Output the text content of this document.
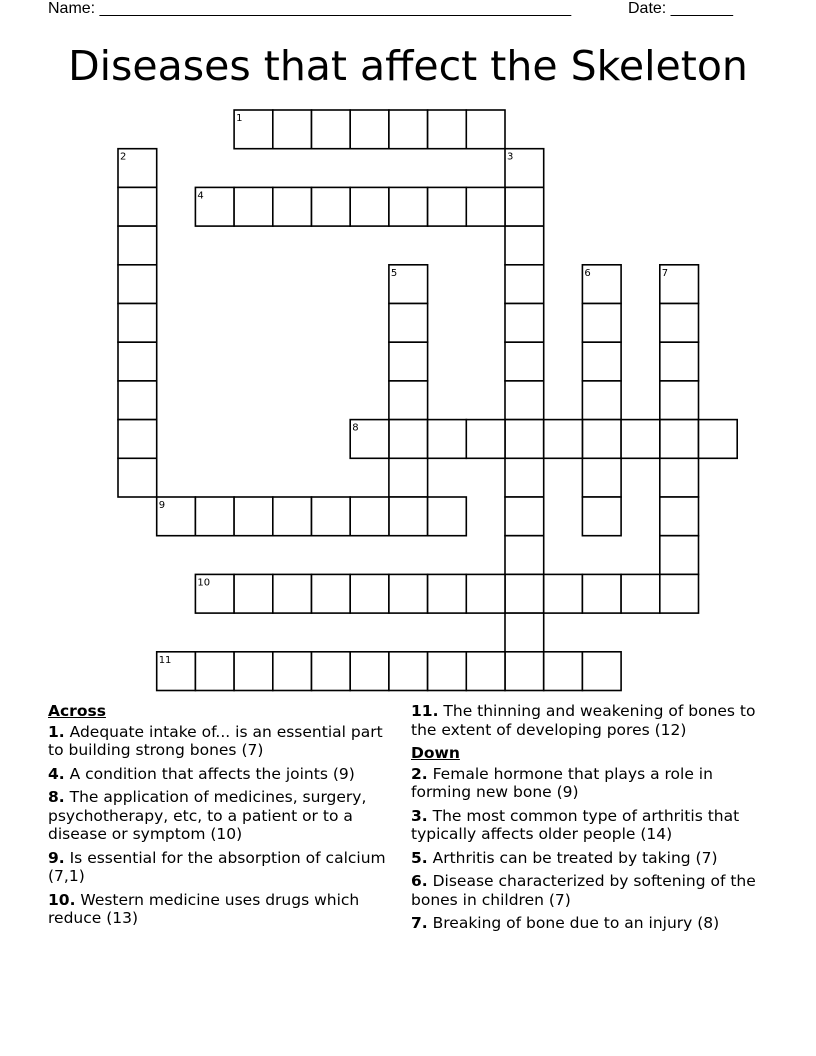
Name: _____________________________________________________	Date: _______
Diseases that affect the Skeleton
1
2	3
4
5	6	7
8
9
10
11
Across
1. Adequate intake of... is an essential part to building strong bones (7)
4. A condition that affects the joints (9)
8. The application of medicines, surgery, psychotherapy, etc, to a patient or to a disease or symptom (10)
9. Is essential for the absorption of calcium (7,1)
10. Western medicine uses drugs which reduce (13)
11. The thinning and weakening of bones to the extent of developing pores (12)
Down
2. Female hormone that plays a role in forming new bone (9)
3. The most common type of arthritis that typically affects older people (14)
5. Arthritis can be treated by taking (7)
6. Disease characterized by softening of the bones in children (7)
7. Breaking of bone due to an injury (8)
